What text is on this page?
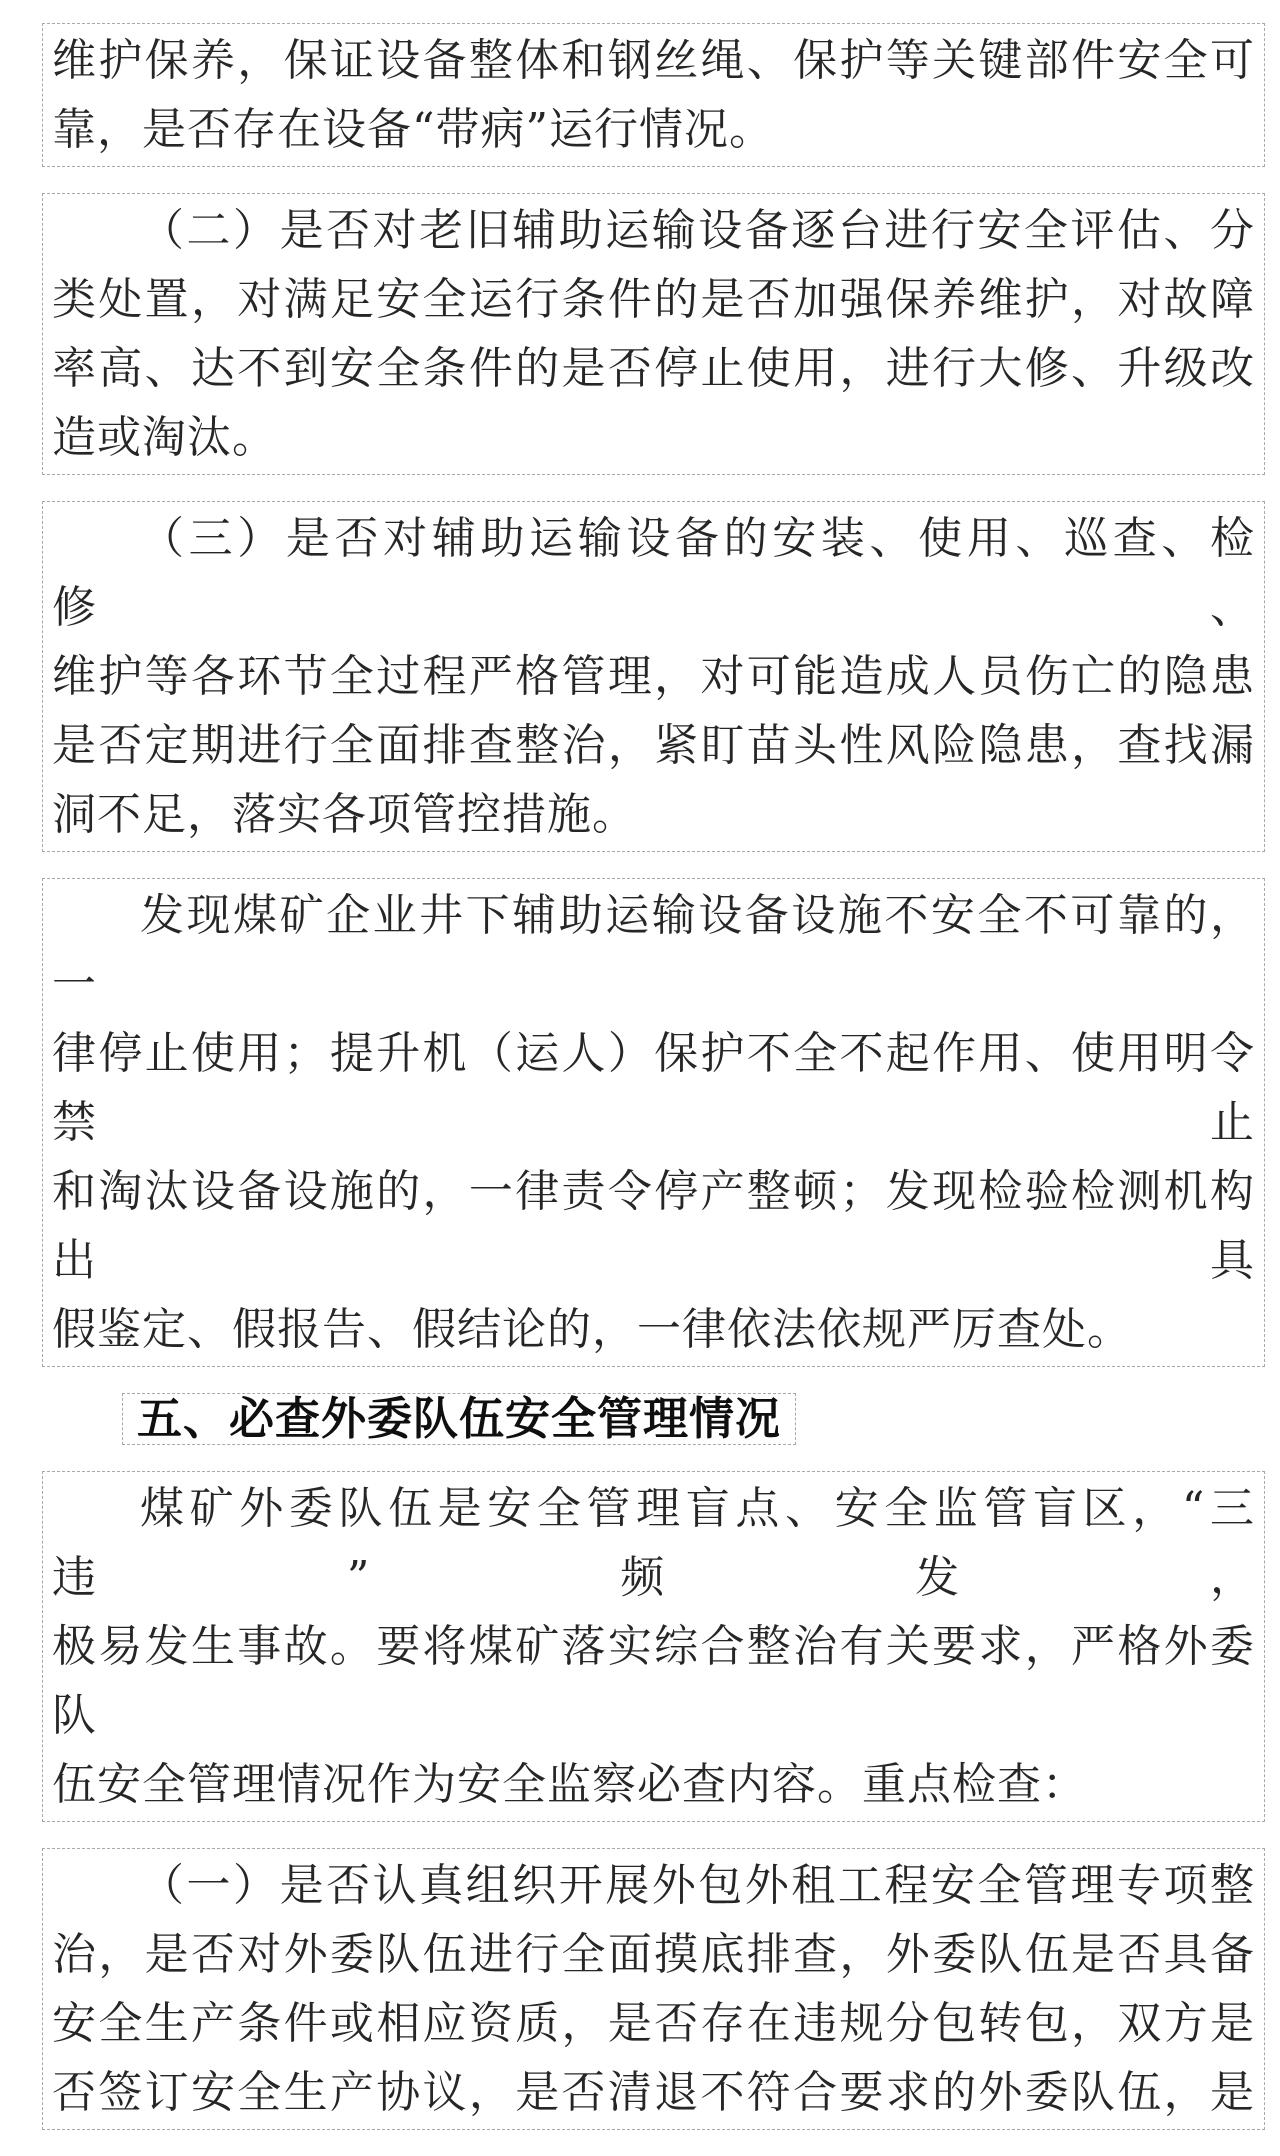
维护保养，保证设备整体和钢丝绳、保护等关键部件安全可
靠，是否存在设备“带病”运行情况。
（二）是否对老旧辅助运输设备逐台进行安全评估、分
类处置，对满足安全运行条件的是否加强保养维护，对故障
率高、达不到安全条件的是否停止使用，进行大修、升级改
造或淘汰。
（三）是否对辅助运输设备的安装、使用、巡查、检修、
维护等各环节全过程严格管理，对可能造成人员伤亡的隐患
是否定期进行全面排查整治，紧盯苗头性风险隐患，查找漏
洞不足，落实各项管控措施。
发现煤矿企业井下辅助运输设备设施不安全不可靠的，一
律停止使用；提升机（运人）保护不全不起作用、使用明令禁止
和淘汰设备设施的，一律责令停产整顿；发现检验检测机构出具
假鉴定、假报告、假结论的，一律依法依规严厉查处。
五、必查外委队伍安全管理情况
煤矿外委队伍是安全管理盲点、安全监管盲区，“三违”频发，
极易发生事故。要将煤矿落实综合整治有关要求，严格外委队
伍安全管理情况作为安全监察必查内容。重点检查：
（一）是否认真组织开展外包外租工程安全管理专项整
治，是否对外委队伍进行全面摸底排查，外委队伍是否具备
安全生产条件或相应资质，是否存在违规分包转包，双方是
否签订安全生产协议，是否清退不符合要求的外委队伍，是
